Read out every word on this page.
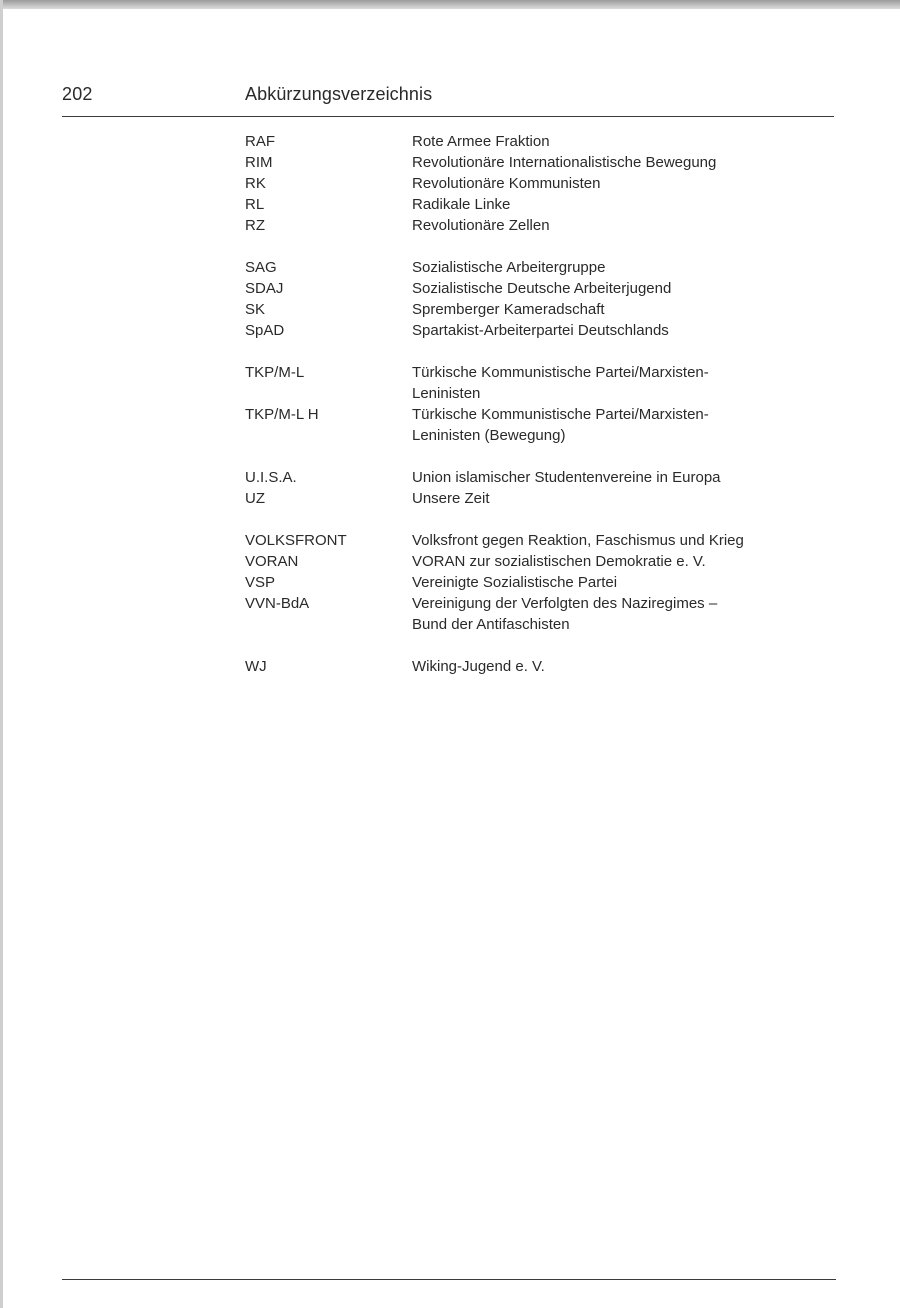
202	Abkürzungsverzeichnis
RAF	Rote Armee Fraktion
RIM	Revolutionäre Internationalistische Bewegung
RK	Revolutionäre Kommunisten
RL	Radikale Linke
RZ	Revolutionäre Zellen
SAG	Sozialistische Arbeitergruppe
SDAJ	Sozialistische Deutsche Arbeiterjugend
SK	Spremberger Kameradschaft
SpAD	Spartakist-Arbeiterpartei Deutschlands
TKP/M-L	Türkische Kommunistische Partei/Marxisten-
Leninisten
TKP/M-L H	Türkische Kommunistische Partei/Marxisten-
Leninisten (Bewegung)
U.I.S.A.	Union islamischer Studentenvereine in Europa
UZ	Unsere Zeit
VOLKSFRONT	Volksfront gegen Reaktion, Faschismus und Krieg
VORAN	VORAN zur sozialistischen Demokratie e. V.
VSP	Vereinigte Sozialistische Partei
VVN-BdA	Vereinigung der Verfolgten des Naziregimes –
Bund der Antifaschisten
WJ	Wiking-Jugend e. V.
